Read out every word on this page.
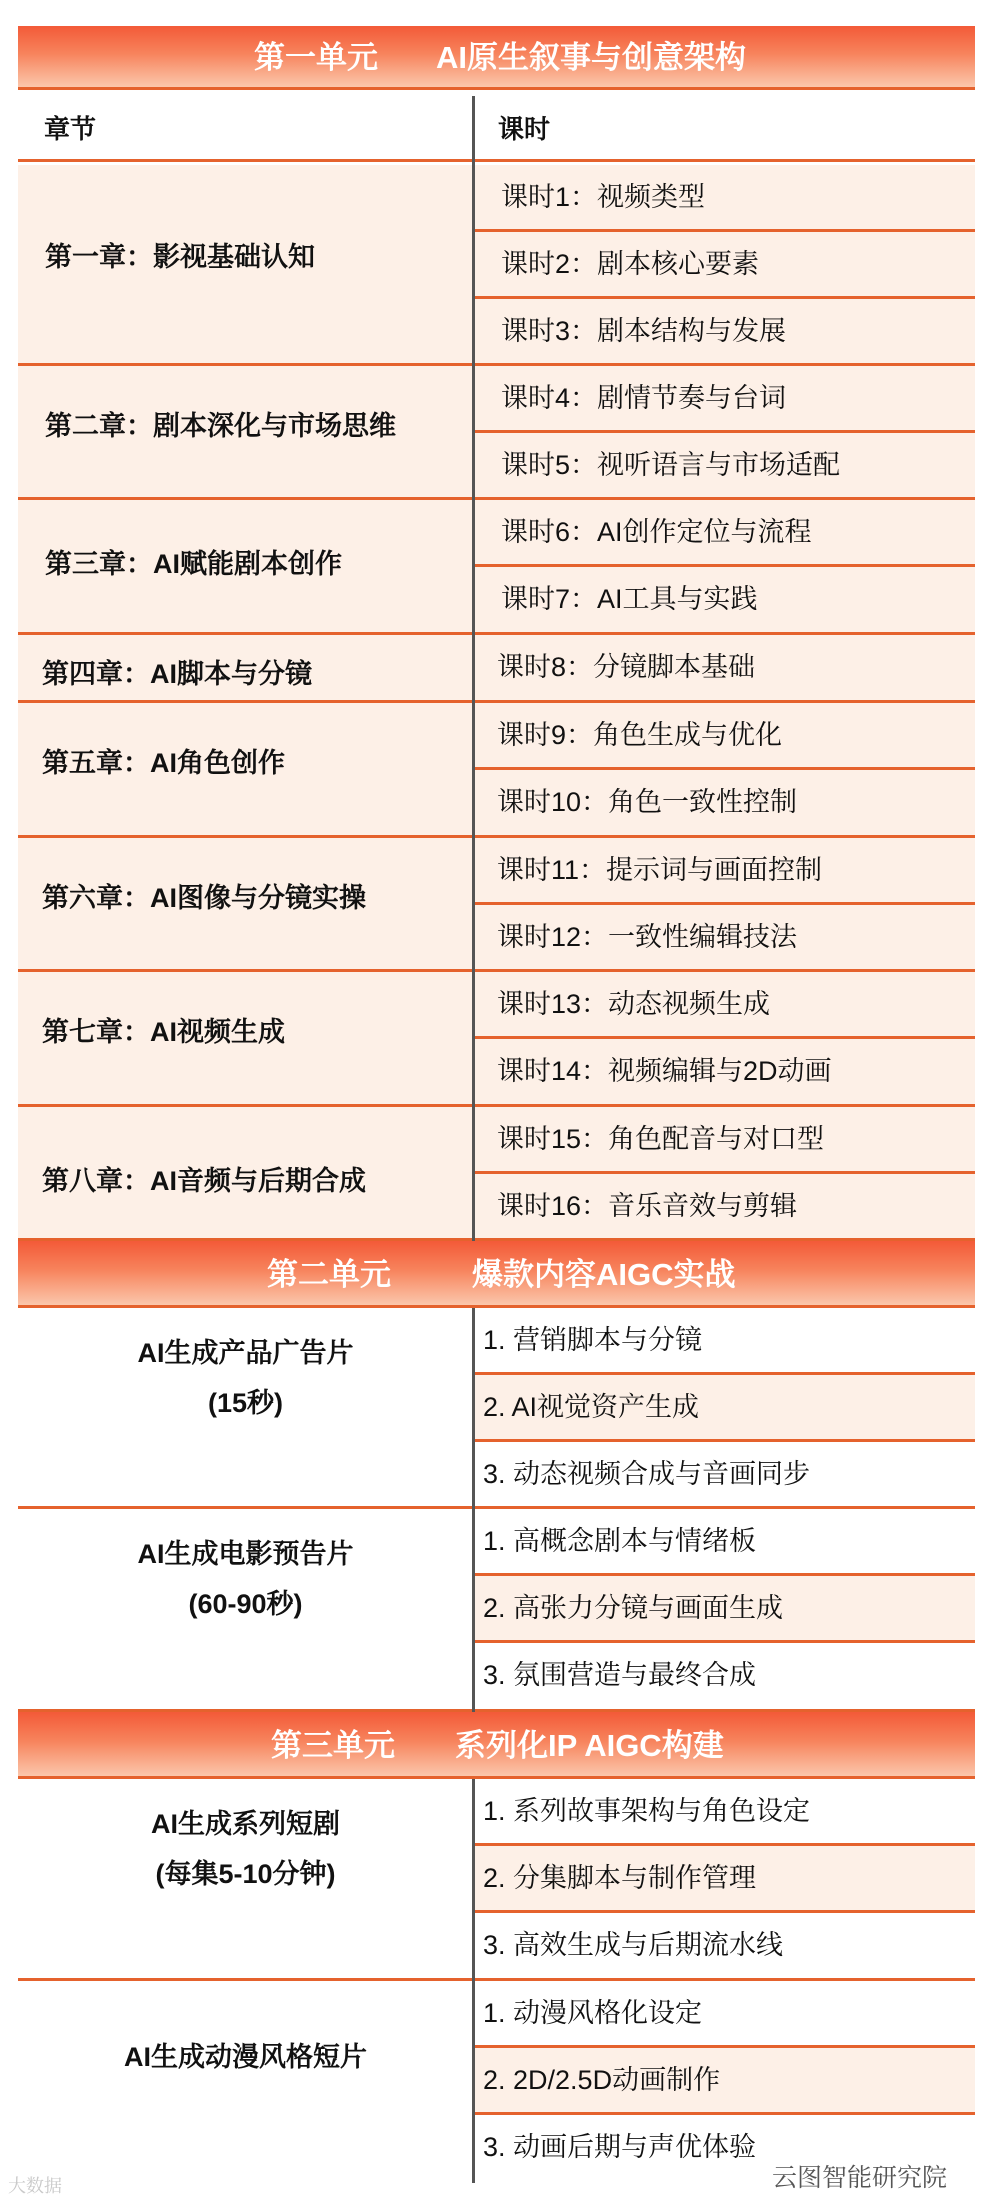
第一单元 AI原生叙事与创意架构
章节	课时
第一章：影视基础认知
第二章：剧本深化与市场思维
第三章：AI赋能剧本创作
第四章：AI脚本与分镜
第五章：AI角色创作
第六章：AI图像与分镜实操
第七章：AI视频生成
第八章：AI音频与后期合成
课时1：视频类型
课时2：剧本核心要素
课时3：剧本结构与发展
课时4：剧情节奏与台词
课时5：视听语言与市场适配
课时6：AI创作定位与流程
课时7：AI工具与实践
课时8：分镜脚本基础
课时9：角色生成与优化
课时10：角色一致性控制
课时11：提示词与画面控制
课时12：一致性编辑技法
课时13：动态视频生成
课时14：视频编辑与2D动画
课时15：角色配音与对口型
课时16：音乐音效与剪辑
第二单元	爆款内容AIGC实战
AI生成产品广告片
(15秒)
AI生成电影预告片
(60-90秒)
1. 营销脚本与分镜
2. AI视觉资产生成
3. 动态视频合成与音画同步
1. 高概念剧本与情绪板
2. 高张力分镜与画面生成
3. 氛围营造与最终合成
第三单元 系列化IP AIGC构建
AI生成系列短剧
(每集5-10分钟)
AI生成动漫风格短片
1. 系列故事架构与角色设定
2. 分集脚本与制作管理
3. 高效生成与后期流水线
1. 动漫风格化设定
2. 2D/2.5D动画制作
3. 动画后期与声优体验
云图智能研究院
大数据
